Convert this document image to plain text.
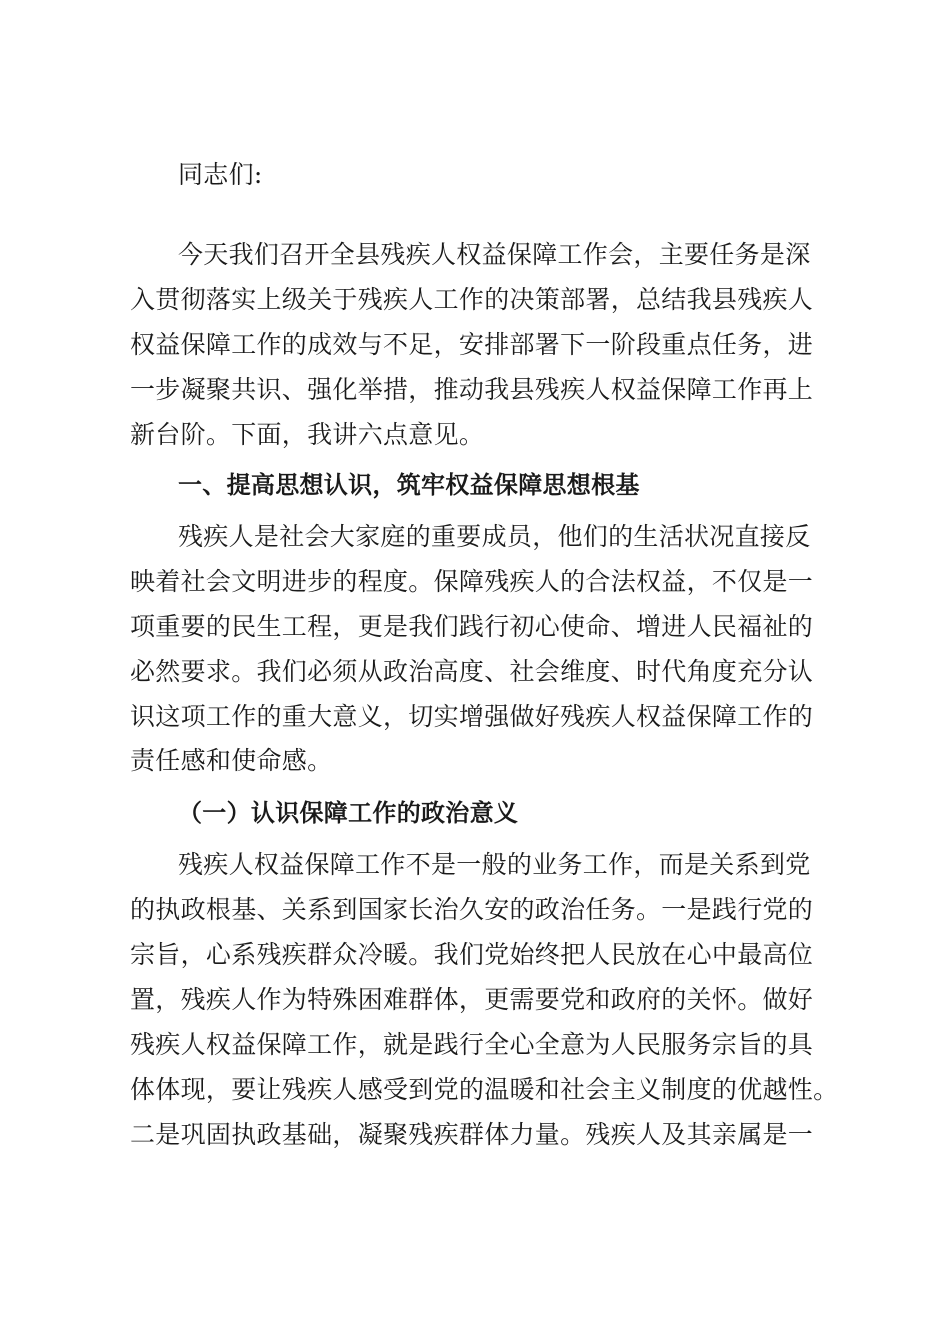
同志们:
今天我们召开全县残疾人权益保障工作会，主要任务是深
入贯彻落实上级关于残疾人工作的决策部署，总结我县残疾人
权益保障工作的成效与不足，安排部署下一阶段重点任务，进
一步凝聚共识、强化举措，推动我县残疾人权益保障工作再上
新台阶。下面，我讲六点意见。
一、提高思想认识，筑牢权益保障思想根基
残疾人是社会大家庭的重要成员，他们的生活状况直接反
映着社会文明进步的程度。保障残疾人的合法权益，不仅是一
项重要的民生工程，更是我们践行初心使命、增进人民福祉的
必然要求。我们必须从政治高度、社会维度、时代角度充分认
识这项工作的重大意义，切实增强做好残疾人权益保障工作的
责任感和使命感。
（一）认识保障工作的政治意义
残疾人权益保障工作不是一般的业务工作，而是关系到党
的执政根基、关系到国家长治久安的政治任务。一是践行党的
宗旨，心系残疾群众冷暖。我们党始终把人民放在心中最高位
置，残疾人作为特殊困难群体，更需要党和政府的关怀。做好
残疾人权益保障工作，就是践行全心全意为人民服务宗旨的具
体体现，要让残疾人感受到党的温暖和社会主义制度的优越性。
二是巩固执政基础，凝聚残疾群体力量。残疾人及其亲属是一
